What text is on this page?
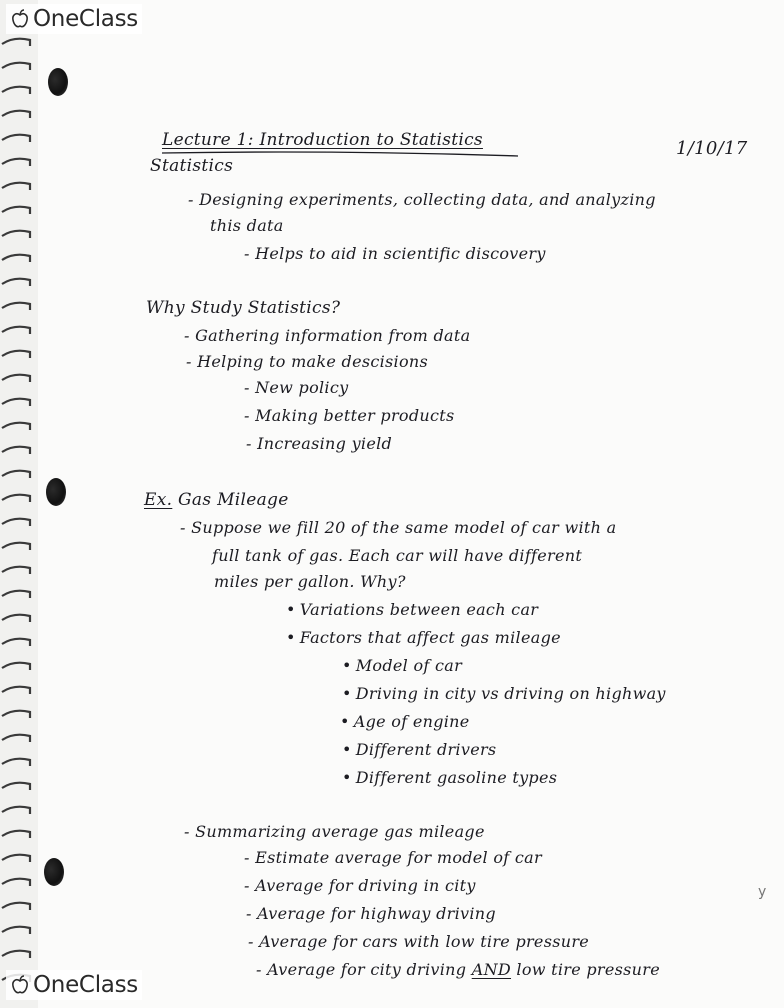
OneClass
OneClass
Lecture 1: Introduction to Statistics	1/10/17
Statistics
- Designing experiments, collecting data, and analyzing
this data
- Helps to aid in scientific discovery
Why Study Statistics?
- Gathering information from data
- Helping to make descisions
- New policy
- Making better products
- Increasing yield
Ex. Gas Mileage
- Suppose we fill 20 of the same model of car with a
full tank of gas. Each car will have different
miles per gallon. Why?
• Variations between each car
• Factors that affect gas mileage
• Model of car
• Driving in city vs driving on highway
• Age of engine
• Different drivers
• Different gasoline types
- Summarizing average gas mileage
- Estimate average for model of car
- Average for driving in city
- Average for highway driving
- Average for cars with low tire pressure
- Average for city driving AND low tire pressure
y
